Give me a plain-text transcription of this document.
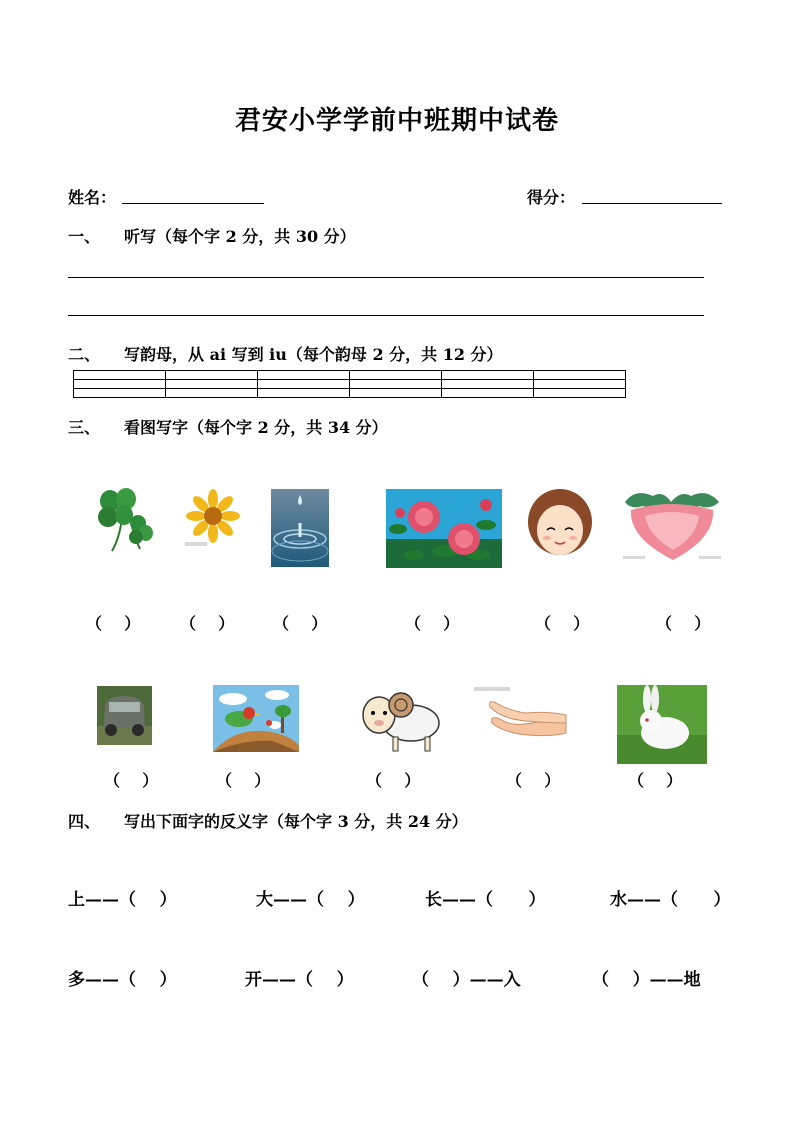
君安小学学前中班期中试卷
姓名：	得分：
一、 听写（每个字 2 分，共 30 分）
二、 写韵母，从 ai 写到 iu（每个韵母 2 分，共 12 分）

三、 看图写字（每个字 2 分，共 34 分）
（    ） （    ） （    ）	（    ）	（    ）	（    ）
（    ）	（    ）	（    ）	（    ）	（    ）
四、 写出下面字的反义字（每个字 3 分，共 24 分）
上——（    ）	大——（    ）	长——（      ）	水——（      ）
多——（    ）	开——（    ）	（    ）——入	（    ）——地
